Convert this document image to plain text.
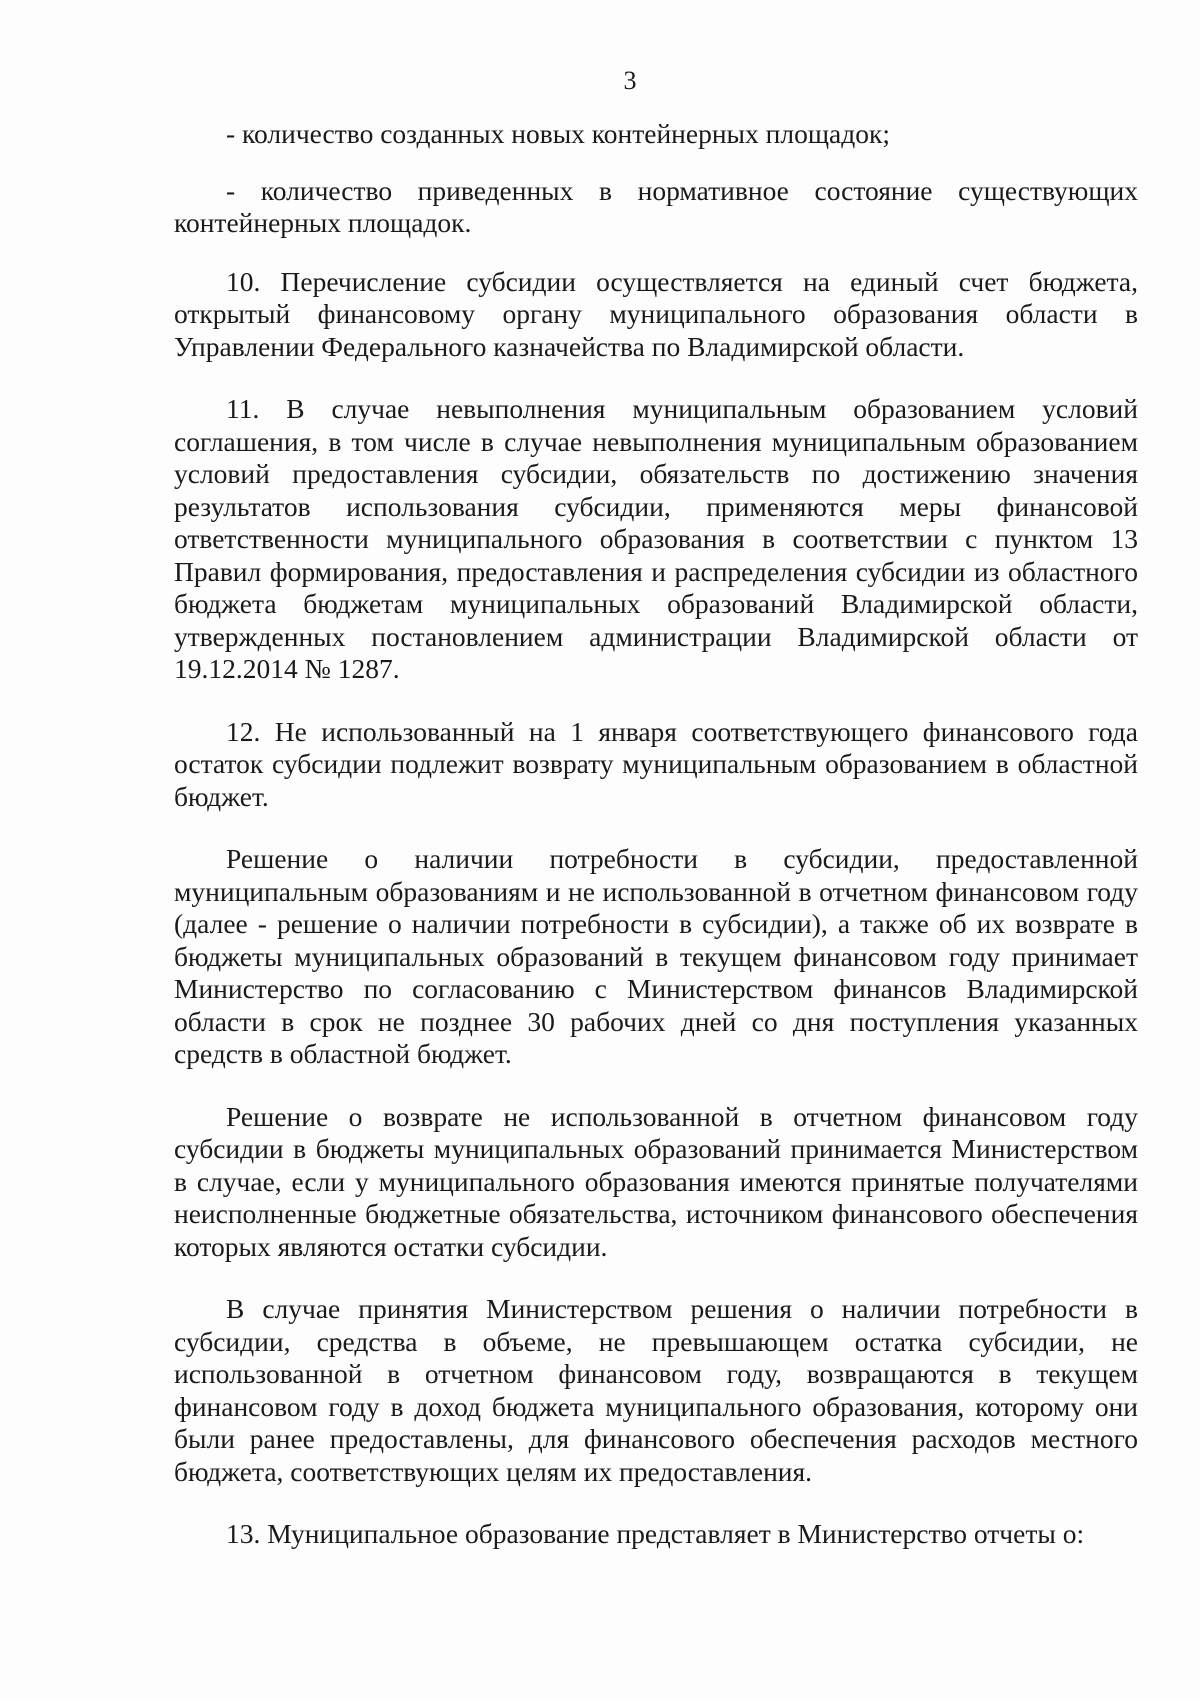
3

- количество созданных новых контейнерных площадок;

- количество приведенных в нормативное состояние существующих контейнерных площадок.

10. Перечисление субсидии осуществляется на единый счет бюджета, открытый финансовому органу муниципального образования области в Управлении Федерального казначейства по Владимирской области.

11. В случае невыполнения муниципальным образованием условий соглашения, в том числе в случае невыполнения муниципальным образованием условий предоставления субсидии, обязательств по достижению значения результатов использования субсидии, применяются меры финансовой ответственности муниципального образования в соответствии с пунктом 13 Правил формирования, предоставления и распределения субсидии из областного бюджета бюджетам муниципальных образований Владимирской области, утвержденных постановлением администрации Владимирской области от 19.12.2014 № 1287.

12. Не использованный на 1 января соответствующего финансового года остаток субсидии подлежит возврату муниципальным образованием в областной бюджет.

Решение о наличии потребности в субсидии, предоставленной муниципальным образованиям и не использованной в отчетном финансовом году (далее - решение о наличии потребности в субсидии), а также об их возврате в бюджеты муниципальных образований в текущем финансовом году принимает Министерство по согласованию с Министерством финансов Владимирской области в срок не позднее 30 рабочих дней со дня поступления указанных средств в областной бюджет.

Решение о возврате не использованной в отчетном финансовом году субсидии в бюджеты муниципальных образований принимается Министерством в случае, если у муниципального образования имеются принятые получателями неисполненные бюджетные обязательства, источником финансового обеспечения которых являются остатки субсидии.

В случае принятия Министерством решения о наличии потребности в субсидии, средства в объеме, не превышающем остатка субсидии, не использованной в отчетном финансовом году, возвращаются в текущем финансовом году в доход бюджета муниципального образования, которому они были ранее предоставлены, для финансового обеспечения расходов местного бюджета, соответствующих целям их предоставления.

13. Муниципальное образование представляет в Министерство отчеты о:
